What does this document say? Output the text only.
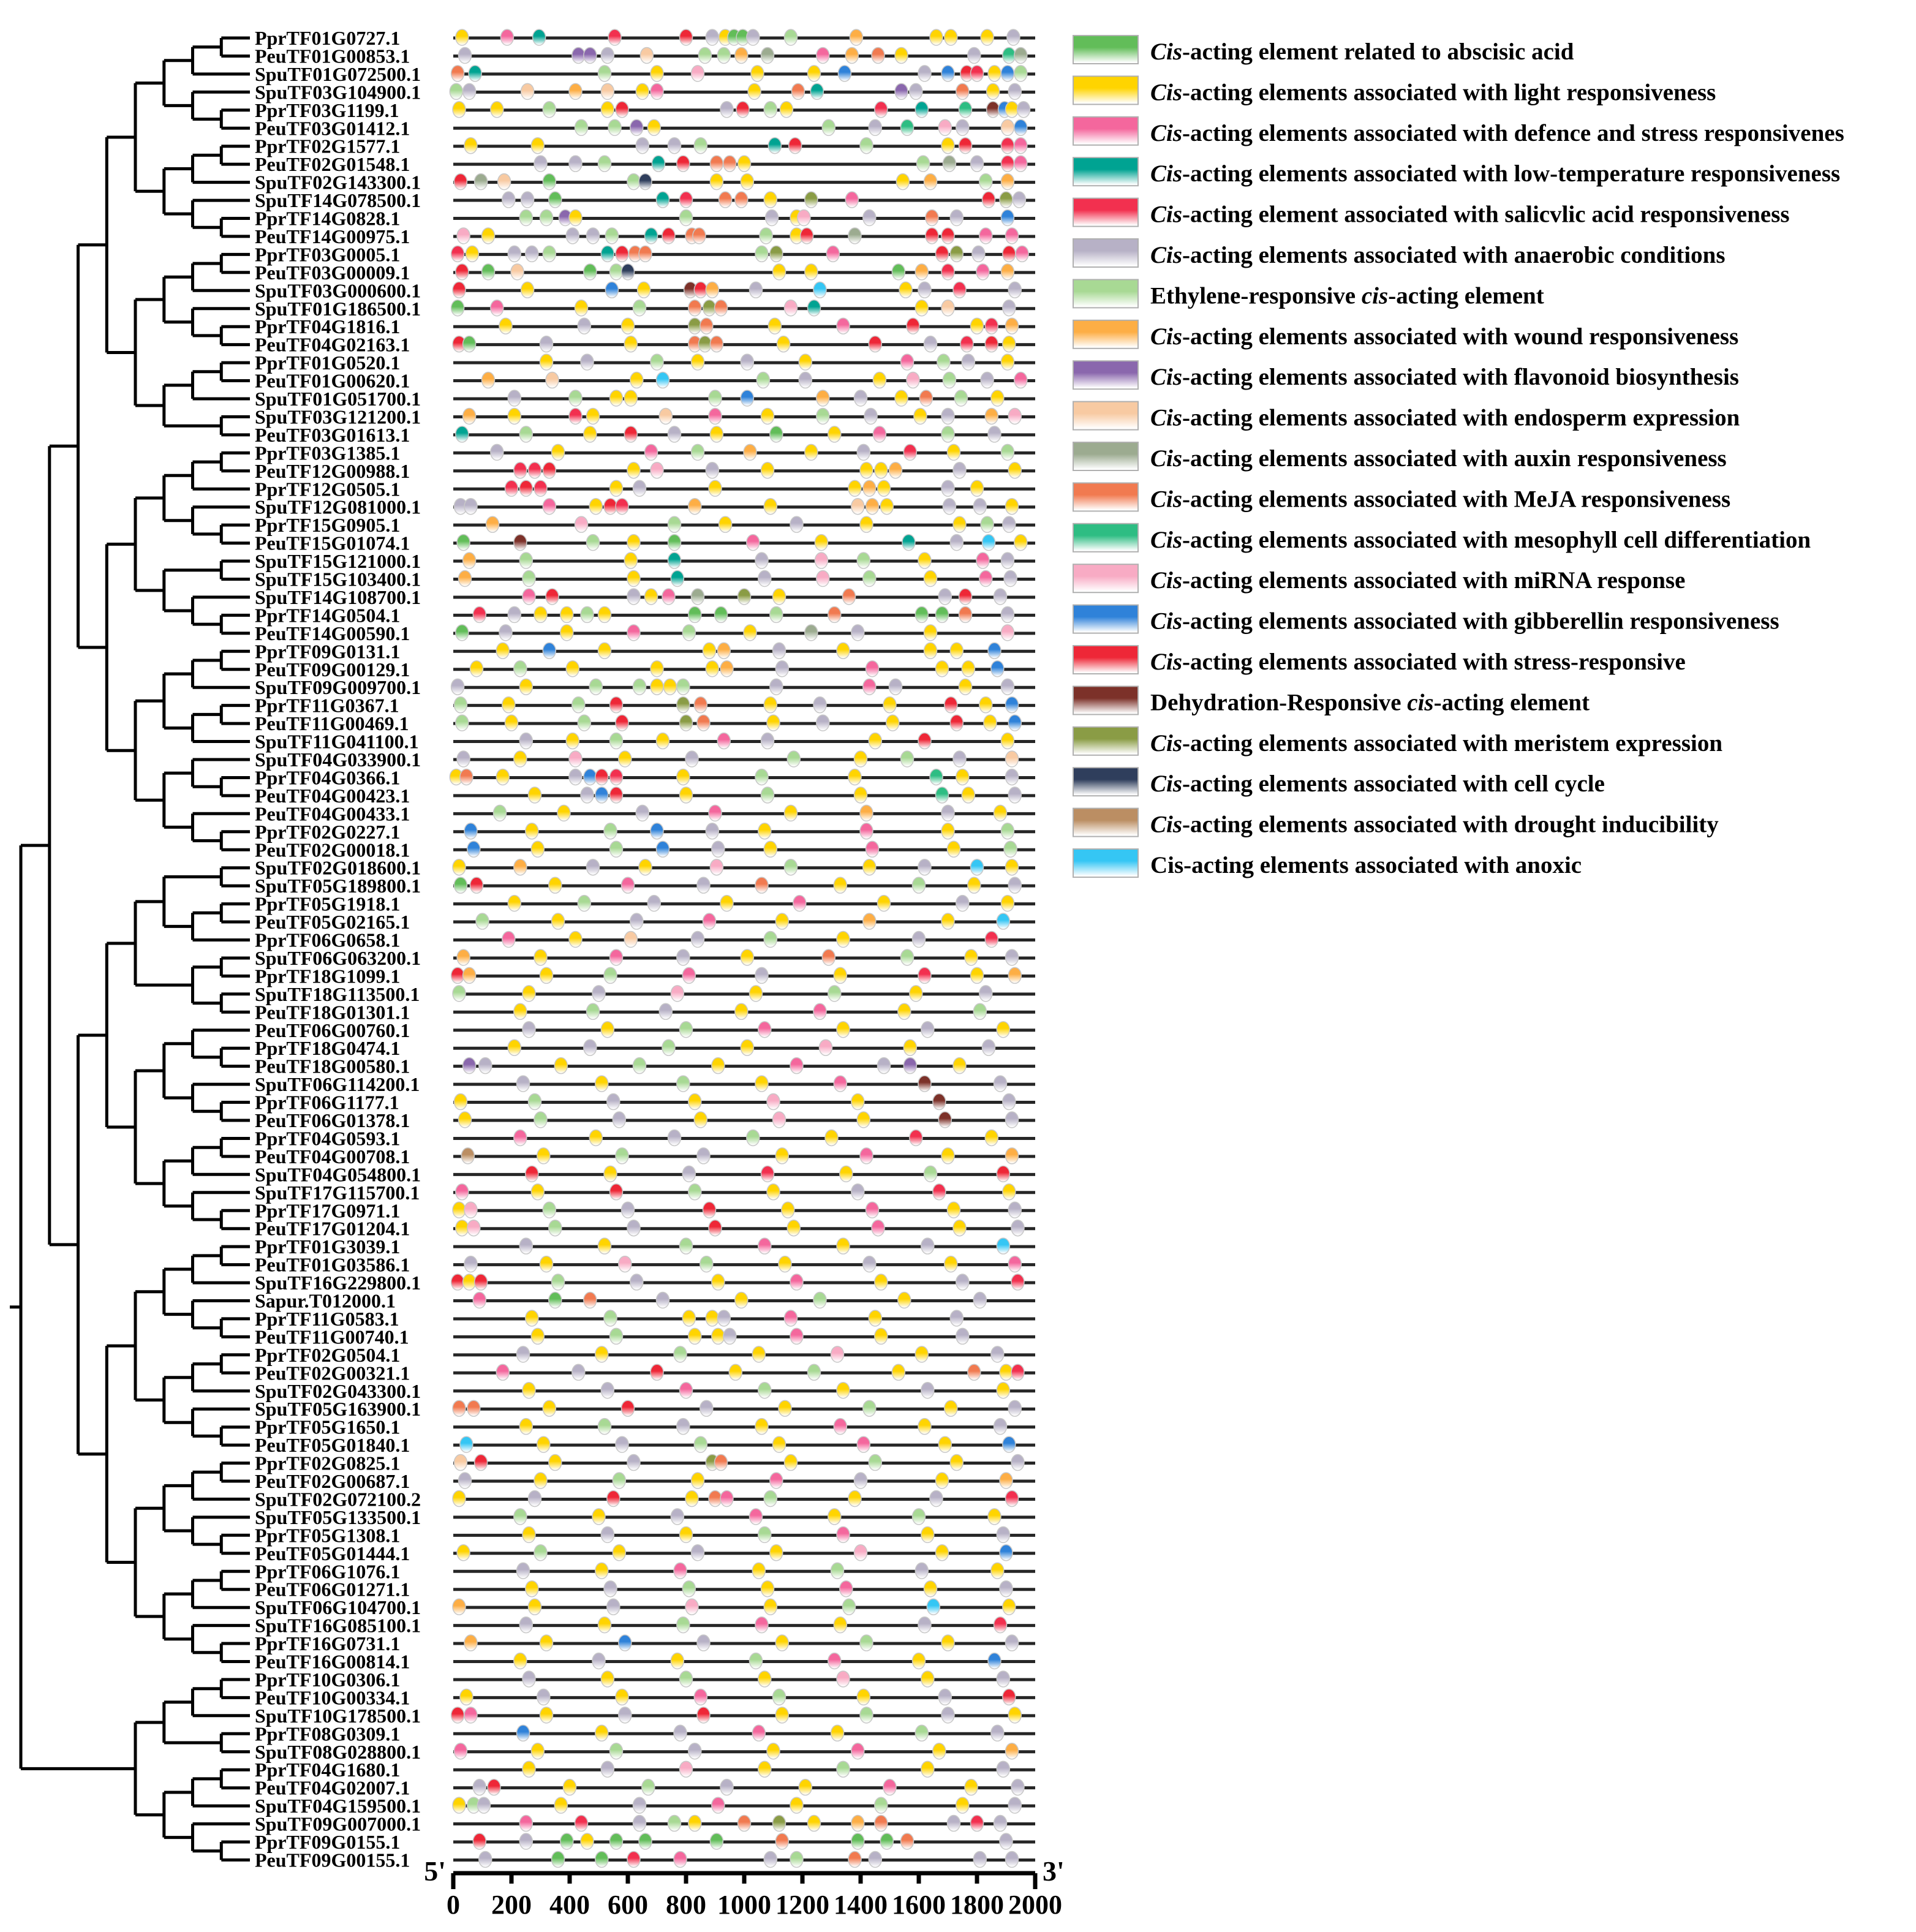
PprTF01G0727.1
PeuTF01G00853.1
SpuTF01G072500.1
SpuTF03G104900.1
PprTF03G1199.1
PeuTF03G01412.1
PprTF02G1577.1
PeuTF02G01548.1
SpuTF02G143300.1
SpuTF14G078500.1
PprTF14G0828.1
PeuTF14G00975.1
PprTF03G0005.1
PeuTF03G00009.1
SpuTF03G000600.1
SpuTF01G186500.1
PprTF04G1816.1
PeuTF04G02163.1
PprTF01G0520.1
PeuTF01G00620.1
SpuTF01G051700.1
SpuTF03G121200.1
PeuTF03G01613.1
PprTF03G1385.1
PeuTF12G00988.1
PprTF12G0505.1
SpuTF12G081000.1
PprTF15G0905.1
PeuTF15G01074.1
SpuTF15G121000.1
SpuTF15G103400.1
SpuTF14G108700.1
PprTF14G0504.1
PeuTF14G00590.1
PprTF09G0131.1
PeuTF09G00129.1
SpuTF09G009700.1
PprTF11G0367.1
PeuTF11G00469.1
SpuTF11G041100.1
SpuTF04G033900.1
PprTF04G0366.1
PeuTF04G00423.1
PeuTF04G00433.1
PprTF02G0227.1
PeuTF02G00018.1
SpuTF02G018600.1
SpuTF05G189800.1
PprTF05G1918.1
PeuTF05G02165.1
PprTF06G0658.1
SpuTF06G063200.1
PprTF18G1099.1
SpuTF18G113500.1
PeuTF18G01301.1
PeuTF06G00760.1
PprTF18G0474.1
PeuTF18G00580.1
SpuTF06G114200.1
PprTF06G1177.1
PeuTF06G01378.1
PprTF04G0593.1
PeuTF04G00708.1
SpuTF04G054800.1
SpuTF17G115700.1
PprTF17G0971.1
PeuTF17G01204.1
PprTF01G3039.1
PeuTF01G03586.1
SpuTF16G229800.1
Sapur.T012000.1
PprTF11G0583.1
PeuTF11G00740.1
PprTF02G0504.1
PeuTF02G00321.1
SpuTF02G043300.1
SpuTF05G163900.1
PprTF05G1650.1
PeuTF05G01840.1
PprTF02G0825.1
PeuTF02G00687.1
SpuTF02G072100.2
SpuTF05G133500.1
PprTF05G1308.1
PeuTF05G01444.1
PprTF06G1076.1
PeuTF06G01271.1
SpuTF06G104700.1
SpuTF16G085100.1
PprTF16G0731.1
PeuTF16G00814.1
PprTF10G0306.1
PeuTF10G00334.1
SpuTF10G178500.1
PprTF08G0309.1
SpuTF08G028800.1
PprTF04G1680.1
PeuTF04G02007.1
SpuTF04G159500.1
SpuTF09G007000.1
PprTF09G0155.1
PeuTF09G00155.1
0 200 400 600 800 1000 1200 1400 1600 1800 2000
5'	3'
Cis-acting element related to abscisic acid
Cis-acting elements associated with light responsiveness
Cis-acting elements associated with defence and stress responsivenes
Cis-acting elements associated with low-temperature responsiveness
Cis-acting element associated with salicvlic acid responsiveness
Cis-acting elements associated with anaerobic conditions
Ethylene-responsive cis-acting element
Cis-acting elements associated with wound responsiveness
Cis-acting elements associated with flavonoid biosynthesis
Cis-acting elements associated with endosperm expression
Cis-acting elements associated with auxin responsiveness
Cis-acting elements associated with MeJA responsiveness
Cis-acting elements associated with mesophyll cell differentiation
Cis-acting elements associated with miRNA response
Cis-acting elements associated with gibberellin responsiveness
Cis-acting elements associated with stress-responsive
Dehydration-Responsive cis-acting element
Cis-acting elements associated with meristem expression
Cis-acting elements associated with cell cycle
Cis-acting elements associated with drought inducibility
Cis-acting elements associated with anoxic
